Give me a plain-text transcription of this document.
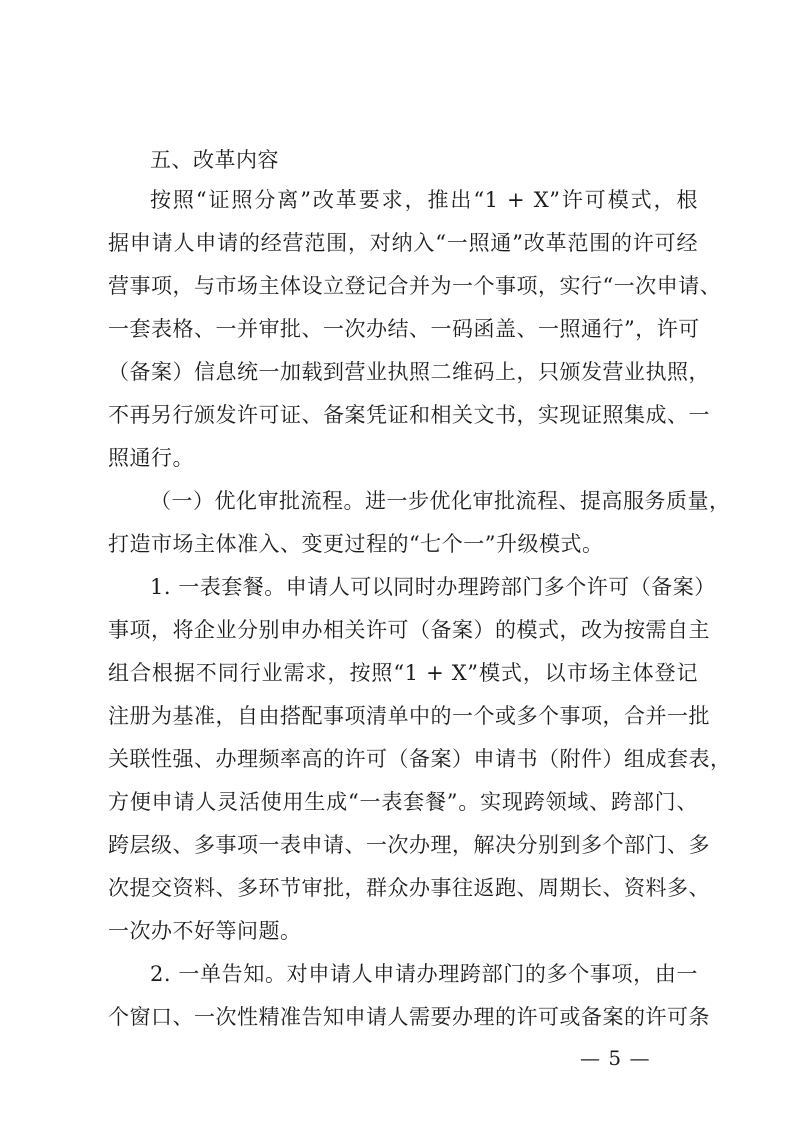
五、改革内容
按照“证照分离”改革要求，推出“1 + X”许可模式，根
据申请人申请的经营范围，对纳入“一照通”改革范围的许可经
营事项，与市场主体设立登记合并为一个事项，实行“一次申请、
一套表格、一并审批、一次办结、一码函盖、一照通行”，许可
（备案）信息统一加载到营业执照二维码上，只颁发营业执照，
不再另行颁发许可证、备案凭证和相关文书，实现证照集成、一
照通行。
（一）优化审批流程。进一步优化审批流程、提高服务质量，
打造市场主体准入、变更过程的“七个一”升级模式。
1. 一表套餐。申请人可以同时办理跨部门多个许可（备案）
事项，将企业分别申办相关许可（备案）的模式，改为按需自主
组合根据不同行业需求，按照“1 + X”模式，以市场主体登记
注册为基准，自由搭配事项清单中的一个或多个事项，合并一批
关联性强、办理频率高的许可（备案）申请书（附件）组成套表，
方便申请人灵活使用生成“一表套餐”。实现跨领域、跨部门、
跨层级、多事项一表申请、一次办理，解决分别到多个部门、多
次提交资料、多环节审批，群众办事往返跑、周期长、资料多、
一次办不好等问题。
2. 一单告知。对申请人申请办理跨部门的多个事项，由一
个窗口、一次性精准告知申请人需要办理的许可或备案的许可条
— 5 —
